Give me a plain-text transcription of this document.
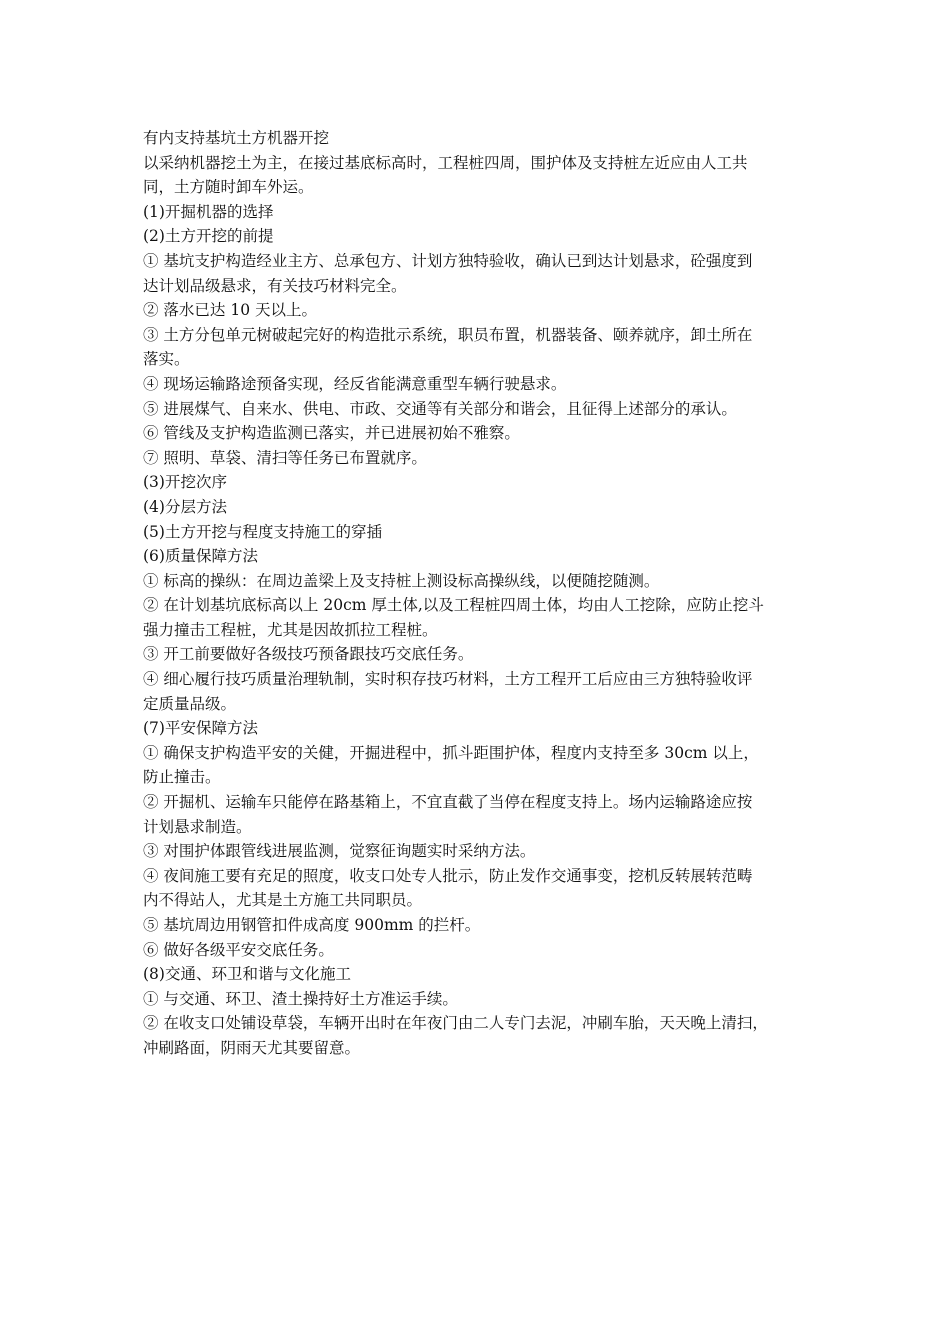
有内支持基坑土方机器开挖
以采纳机器挖土为主，在接过基底标高时，工程桩四周，围护体及支持桩左近应由人工共
同，土方随时卸车外运。
(1)开掘机器的选择
(2)土方开挖的前提
① 基坑支护构造经业主方、总承包方、计划方独特验收，确认已到达计划悬求，砼强度到
达计划品级悬求，有关技巧材料完全。
② 落水已达 10 天以上。
③ 土方分包单元树破起完好的构造批示系统，职员布置，机器装备、颐养就序，卸土所在
落实。
④ 现场运输路途预备实现，经反省能满意重型车辆行驶悬求。
⑤ 进展煤气、自来水、供电、市政、交通等有关部分和谐会，且征得上述部分的承认。
⑥ 管线及支护构造监测已落实，并已进展初始不雅察。
⑦ 照明、草袋、清扫等任务已布置就序。
(3)开挖次序
(4)分层方法
(5)土方开挖与程度支持施工的穿插
(6)质量保障方法
① 标高的操纵：在周边盖梁上及支持桩上测设标高操纵线，以便随挖随测。
② 在计划基坑底标高以上 20cm 厚土体,以及工程桩四周土体，均由人工挖除，应防止挖斗
强力撞击工程桩，尤其是因故抓拉工程桩。
③ 开工前要做好各级技巧预备跟技巧交底任务。
④ 细心履行技巧质量治理轨制，实时积存技巧材料，土方工程开工后应由三方独特验收评
定质量品级。
(7)平安保障方法
① 确保支护构造平安的关健，开掘进程中，抓斗距围护体，程度内支持至多 30cm 以上，
防止撞击。
② 开掘机、运输车只能停在路基箱上，不宜直截了当停在程度支持上。场内运输路途应按
计划悬求制造。
③ 对围护体跟管线进展监测，觉察征询题实时采纳方法。
④ 夜间施工要有充足的照度，收支口处专人批示，防止发作交通事变，挖机反转展转范畴
内不得站人，尤其是土方施工共同职员。
⑤ 基坑周边用钢管扣件成高度 900mm 的拦杆。
⑥ 做好各级平安交底任务。
(8)交通、环卫和谐与文化施工
① 与交通、环卫、渣土操持好土方准运手续。
② 在收支口处铺设草袋，车辆开出时在年夜门由二人专门去泥，冲刷车胎，天天晚上清扫，
冲刷路面，阴雨天尤其要留意。
